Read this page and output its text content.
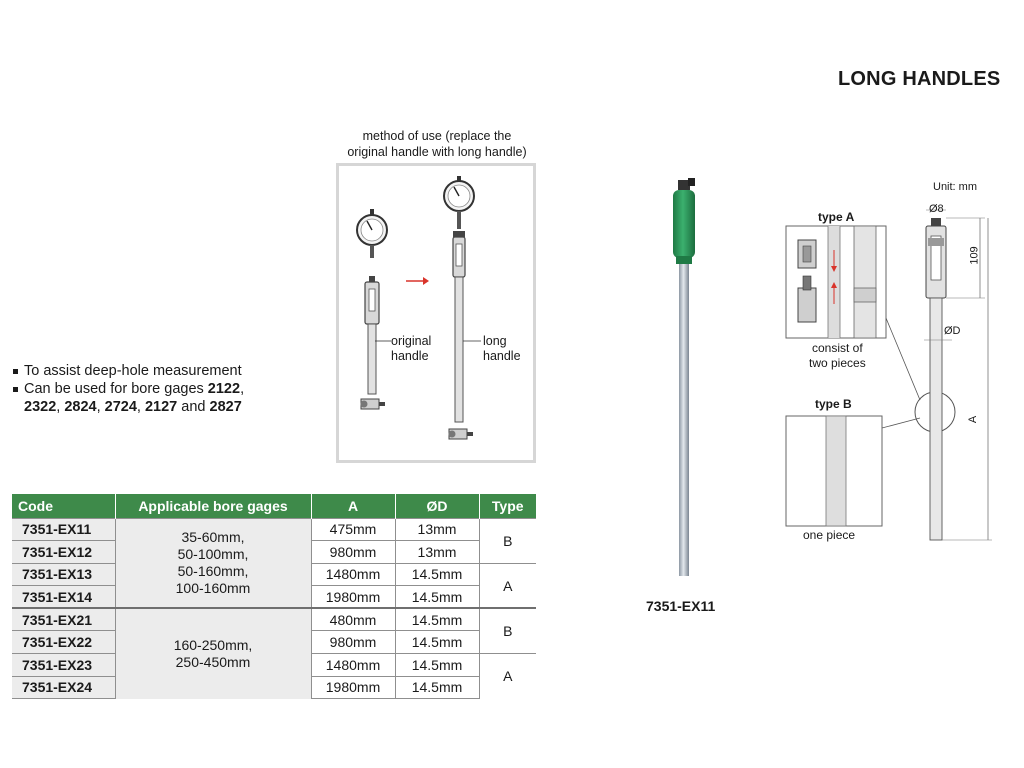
LONG HANDLES
method of use (replace the
original handle with long handle)
original
handle
long
handle
To assist deep-hole measurement
Can be used for bore gages 2122,
2322, 2824, 2724, 2127 and 2827
Code	Applicable bore gages	A	ØD	Type
7351-EX11	35-60mm,
50-100mm,
50-160mm,
100-160mm	475mm	13mm	B
7351-EX12		980mm	13mm	
7351-EX13		1480mm	14.5mm	A
7351-EX14		1980mm	14.5mm	
7351-EX21	160-250mm,
250-450mm	480mm	14.5mm	B
7351-EX22		980mm	14.5mm	
7351-EX23		1480mm	14.5mm	A
7351-EX24		1980mm	14.5mm	
7351-EX11
Unit: mm
type A
consist of
two pieces
type B
one piece
Ø8
109
ØD
A
